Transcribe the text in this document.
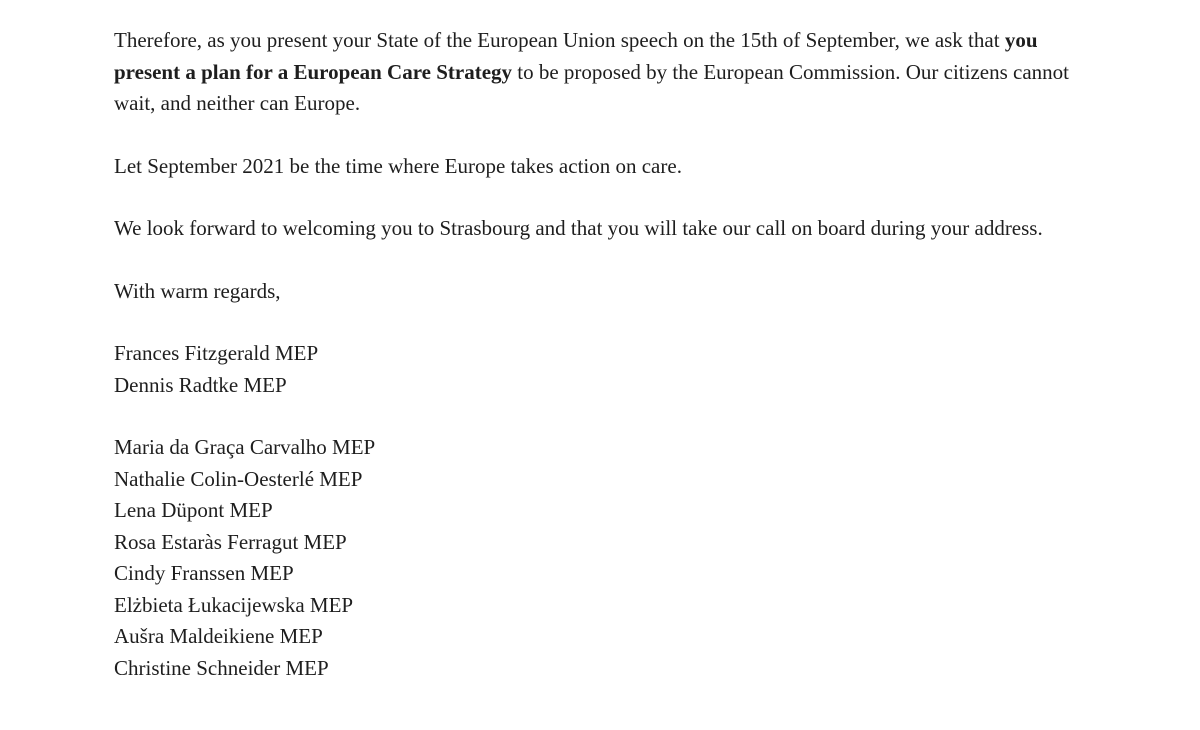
Therefore, as you present your State of the European Union speech on the 15th of September, we ask that you present a plan for a European Care Strategy to be proposed by the European Commission. Our citizens cannot wait, and neither can Europe.

Let September 2021 be the time where Europe takes action on care.

We look forward to welcoming you to Strasbourg and that you will take our call on board during your address.

With warm regards,

Frances Fitzgerald MEP
Dennis Radtke MEP
Maria da Graça Carvalho MEP
Nathalie Colin-Oesterlé MEP
Lena Düpont MEP
Rosa Estaràs Ferragut MEP
Cindy Franssen MEP
Elżbieta Łukacijewska MEP
Aušra Maldeikiene MEP
Christine Schneider MEP
